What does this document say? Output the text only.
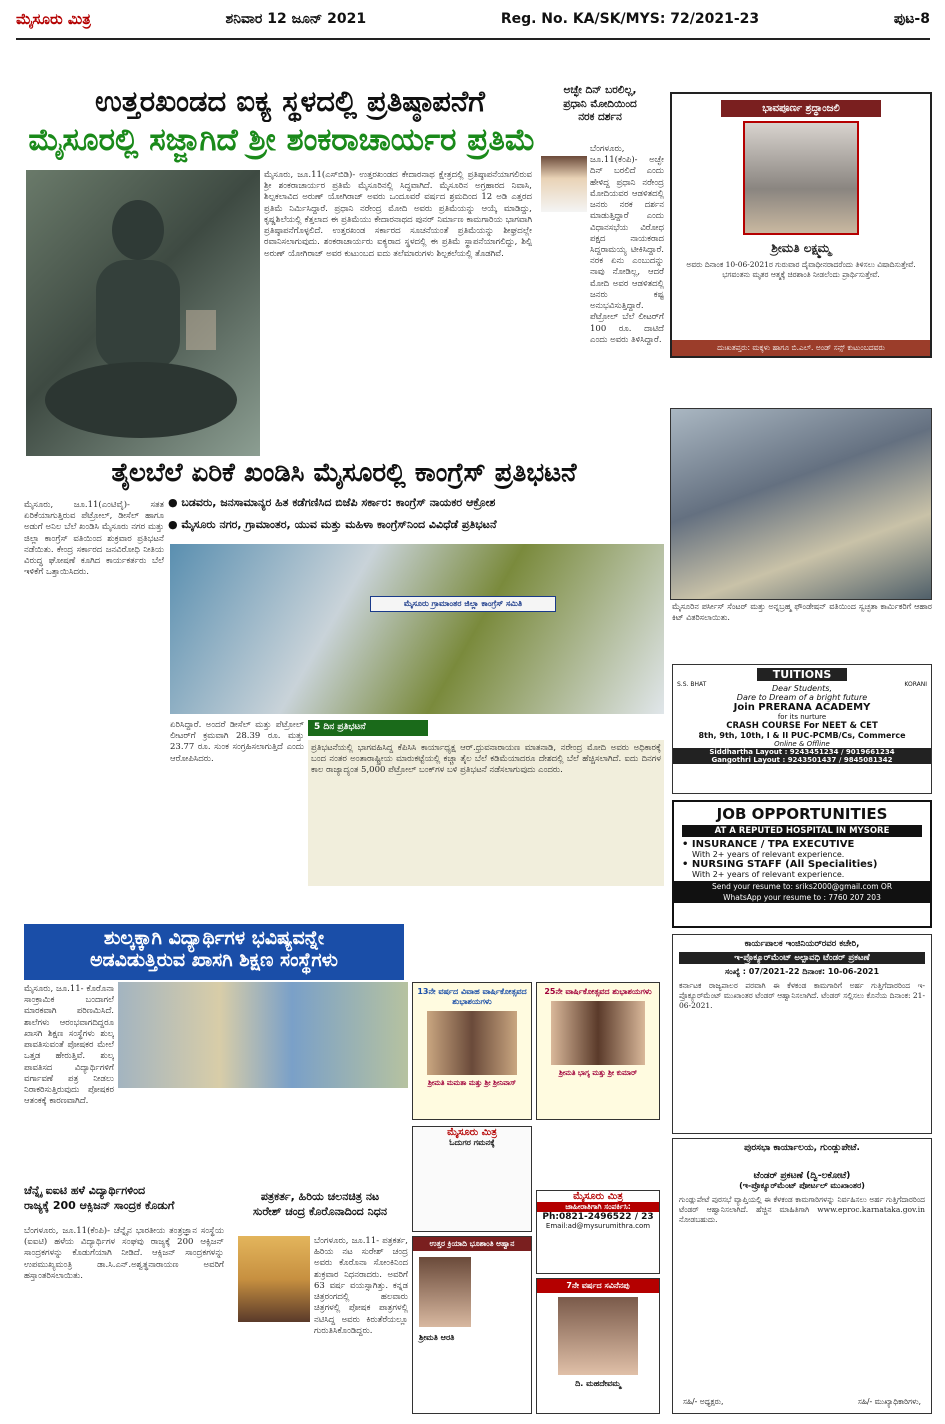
ಮೈಸೂರು ಮಿತ್ರ	ಶನಿವಾರ 12 ಜೂನ್ 2021	Reg. No. KA/SK/MYS: 72/2021-23	ಪುಟ-8
ಉತ್ತರಖಂಡದ ಐಕ್ಯ ಸ್ಥಳದಲ್ಲಿ ಪ್ರತಿಷ್ಠಾಪನೆಗೆ
ಮೈಸೂರಲ್ಲಿ ಸಜ್ಜಾಗಿದೆ ಶ್ರೀ ಶಂಕರಾಚಾರ್ಯರ ಪ್ರತಿಮೆ
ಮೈಸೂರು, ಜೂ.11(ಎಸ್‌ಬಿಡಿ)- ಉತ್ತರಖಂಡದ ಕೇದಾರನಾಥ ಕ್ಷೇತ್ರದಲ್ಲಿ ಪ್ರತಿಷ್ಠಾಪನೆಯಾಗಲಿರುವ ಶ್ರೀ ಶಂಕರಾಚಾರ್ಯರ ಪ್ರತಿಮೆ ಮೈಸೂರಿನಲ್ಲಿ ಸಿದ್ಧವಾಗಿದೆ. ಮೈಸೂರಿನ ಅಗ್ರಹಾರದ ನಿವಾಸಿ, ಶಿಲ್ಪಕಲಾವಿದ ಅರುಣ್ ಯೋಗಿರಾಜ್ ಅವರು ಒಂದೂವರೆ ವರ್ಷದ ಶ್ರಮದಿಂದ 12 ಅಡಿ ಎತ್ತರದ ಪ್ರತಿಮೆ ನಿರ್ಮಿಸಿದ್ದಾರೆ. ಪ್ರಧಾನಿ ನರೇಂದ್ರ ಮೋದಿ ಅವರು ಪ್ರತಿಮೆಯನ್ನು ಆಯ್ಕೆ ಮಾಡಿದ್ದು, ಕೃಷ್ಣಶಿಲೆಯಲ್ಲಿ ಕೆತ್ತಲಾದ ಈ ಪ್ರತಿಮೆಯು ಕೇದಾರನಾಥದ ಪುನರ್ ನಿರ್ಮಾಣ ಕಾಮಗಾರಿಯ ಭಾಗವಾಗಿ ಪ್ರತಿಷ್ಠಾಪನೆಗೊಳ್ಳಲಿದೆ. ಉತ್ತರಖಂಡ ಸರ್ಕಾರದ ಸೂಚನೆಯಂತೆ ಪ್ರತಿಮೆಯನ್ನು ಶೀಘ್ರದಲ್ಲೇ ರವಾನಿಸಲಾಗುವುದು. ಶಂಕರಾಚಾರ್ಯರು ಐಕ್ಯರಾದ ಸ್ಥಳದಲ್ಲಿ ಈ ಪ್ರತಿಮೆ ಸ್ಥಾಪನೆಯಾಗಲಿದ್ದು, ಶಿಲ್ಪಿ ಅರುಣ್ ಯೋಗಿರಾಜ್ ಅವರ ಕುಟುಂಬದ ಐದು ತಲೆಮಾರುಗಳು ಶಿಲ್ಪಕಲೆಯಲ್ಲಿ ತೊಡಗಿವೆ.
ಅಚ್ಛೇ ದಿನ್ ಬರಲಿಲ್ಲ,
ಪ್ರಧಾನಿ ಮೋದಿಯಿಂದ
ನರಕ ದರ್ಶನ
ಬೆಂಗಳೂರು, ಜೂ.11(ಕೆಂಪಿ)- ಅಚ್ಛೇ ದಿನ್ ಬರಲಿದೆ ಎಂದು ಹೇಳಿದ್ದ ಪ್ರಧಾನಿ ನರೇಂದ್ರ ಮೋದಿಯವರ ಆಡಳಿತದಲ್ಲಿ ಜನರು ನರಕ ದರ್ಶನ ಮಾಡುತ್ತಿದ್ದಾರೆ ಎಂದು ವಿಧಾನಸಭೆಯ ವಿರೋಧ ಪಕ್ಷದ ನಾಯಕರಾದ ಸಿದ್ದರಾಮಯ್ಯ ಟೀಕಿಸಿದ್ದಾರೆ. ನರಕ ಏನು ಎಂಬುದನ್ನು ನಾವು ನೋಡಿಲ್ಲ, ಆದರೆ ಮೋದಿ ಅವರ ಆಡಳಿತದಲ್ಲಿ ಜನರು ಕಷ್ಟ ಅನುಭವಿಸುತ್ತಿದ್ದಾರೆ. ಪೆಟ್ರೋಲ್ ಬೆಲೆ ಲೀಟರ್‌ಗೆ 100 ರೂ. ದಾಟಿದೆ ಎಂದು ಅವರು ತಿಳಿಸಿದ್ದಾರೆ.
ಭಾವಪೂರ್ಣ ಶ್ರದ್ಧಾಂಜಲಿ
ಶ್ರೀಮತಿ ಲಕ್ಷ್ಮಮ್ಮ
ಅವರು ದಿನಾಂಕ 10-06-2021ರ ಗುರುವಾರ ದೈವಾಧೀನರಾದರೆಂದು ತಿಳಿಸಲು ವಿಷಾದಿಸುತ್ತೇವೆ. ಭಗವಂತನು ಮೃತರ ಆತ್ಮಕ್ಕೆ ಚಿರಶಾಂತಿ ನೀಡಲೆಂದು ಪ್ರಾರ್ಥಿಸುತ್ತೇವೆ.
ದುಃಖತಪ್ತರು: ಮಕ್ಕಳು ಹಾಗೂ ಬಿ.ಎಲ್. ಅಂಡ್ ಸನ್ಸ್ ಕುಟುಂಬದವರು
ಮೈಸೂರಿನ ಪರ್ಸೀಸ್ ಸೆಂಟರ್ ಮತ್ತು ಅನ್ನಬ್ರಹ್ಮ ಫೌಂಡೇಷನ್ ವತಿಯಿಂದ ಸ್ವಚ್ಛತಾ ಕಾರ್ಮಿಕರಿಗೆ ಆಹಾರ ಕಿಟ್ ವಿತರಿಸಲಾಯಿತು.
ತೈಲಬೆಲೆ ಏರಿಕೆ ಖಂಡಿಸಿ ಮೈಸೂರಲ್ಲಿ ಕಾಂಗ್ರೆಸ್ ಪ್ರತಿಭಟನೆ
● ಬಡವರು, ಜನಸಾಮಾನ್ಯರ ಹಿತ ಕಡೆಗಣಿಸಿದ ಬಿಜೆಪಿ ಸರ್ಕಾರ: ಕಾಂಗ್ರೆಸ್ ನಾಯಕರ ಆಕ್ರೋಶ
● ಮೈಸೂರು ನಗರ, ಗ್ರಾಮಾಂತರ, ಯುವ ಮತ್ತು ಮಹಿಳಾ ಕಾಂಗ್ರೆಸ್‌ನಿಂದ ವಿವಿಧೆಡೆ ಪ್ರತಿಭಟನೆ
ಮೈಸೂರು, ಜೂ.11(ಎಂಟಿವೈ)- ಸತತ ಏರಿಕೆಯಾಗುತ್ತಿರುವ ಪೆಟ್ರೋಲ್, ಡೀಸೆಲ್ ಹಾಗೂ ಅಡುಗೆ ಅನಿಲ ಬೆಲೆ ಖಂಡಿಸಿ ಮೈಸೂರು ನಗರ ಮತ್ತು ಜಿಲ್ಲಾ ಕಾಂಗ್ರೆಸ್ ವತಿಯಿಂದ ಶುಕ್ರವಾರ ಪ್ರತಿಭಟನೆ ನಡೆಯಿತು. ಕೇಂದ್ರ ಸರ್ಕಾರದ ಜನವಿರೋಧಿ ನೀತಿಯ ವಿರುದ್ಧ ಘೋಷಣೆ ಕೂಗಿದ ಕಾರ್ಯಕರ್ತರು ಬೆಲೆ ಇಳಿಕೆಗೆ ಒತ್ತಾಯಿಸಿದರು.
ಮೈಸೂರು ಗ್ರಾಮಾಂತರ ಜಿಲ್ಲಾ ಕಾಂಗ್ರೆಸ್ ಸಮಿತಿ
ಏರಿಸಿದ್ದಾರೆ. ಅಂದರೆ ಡೀಸೆಲ್ ಮತ್ತು ಪೆಟ್ರೋಲ್ ಲೀಟರ್‌ಗೆ ಕ್ರಮವಾಗಿ 28.39 ರೂ. ಮತ್ತು 23.77 ರೂ. ಸುಂಕ ಸಂಗ್ರಹಿಸಲಾಗುತ್ತಿದೆ ಎಂದು ಆರೋಪಿಸಿದರು.
5 ದಿನ ಪ್ರತಿಭಟನೆ
ಪ್ರತಿಭಟನೆಯಲ್ಲಿ ಭಾಗವಹಿಸಿದ್ದ ಕೆಪಿಸಿಸಿ ಕಾರ್ಯಾಧ್ಯಕ್ಷ ಆರ್.ಧ್ರುವನಾರಾಯಣ ಮಾತನಾಡಿ, ನರೇಂದ್ರ ಮೋದಿ ಅವರು ಅಧಿಕಾರಕ್ಕೆ ಬಂದ ನಂತರ ಅಂತಾರಾಷ್ಟ್ರೀಯ ಮಾರುಕಟ್ಟೆಯಲ್ಲಿ ಕಚ್ಚಾ ತೈಲ ಬೆಲೆ ಕಡಿಮೆಯಾದರೂ ದೇಶದಲ್ಲಿ ಬೆಲೆ ಹೆಚ್ಚಿಸಲಾಗಿದೆ. ಐದು ದಿನಗಳ ಕಾಲ ರಾಜ್ಯಾದ್ಯಂತ 5,000 ಪೆಟ್ರೋಲ್ ಬಂಕ್‌ಗಳ ಬಳಿ ಪ್ರತಿಭಟನೆ ನಡೆಸಲಾಗುವುದು ಎಂದರು.
TUITIONS
Dear Students,
Dare to Dream of a bright future
Join PRERANA ACADEMY
for its nurture
CRASH COURSE For NEET & CET
8th, 9th, 10th, I & II PUC-PCMB/Cs, Commerce
Online & Offline
S.S. BHAT	KORANI
Siddhartha Layout : 9243451234 / 9019661234
Gangothri Layout : 9243501437 / 9845081342
JOB OPPORTUNITIES
AT A REPUTED HOSPITAL IN MYSORE
• INSURANCE / TPA EXECUTIVE
With 2+ years of relevant experience.
• NURSING STAFF (All Specialities)
With 2+ years of relevant experience.
Send your resume to: sriks2000@gmail.com OR
WhatsApp your resume to : 7760 207 203
ಶುಲ್ಕಕ್ಕಾಗಿ ವಿದ್ಯಾರ್ಥಿಗಳ ಭವಿಷ್ಯವನ್ನೇ
ಅಡವಿಡುತ್ತಿರುವ ಖಾಸಗಿ ಶಿಕ್ಷಣ ಸಂಸ್ಥೆಗಳು
ಮೈಸೂರು, ಜೂ.11- ಕೊರೊನಾ ಸಾಂಕ್ರಾಮಿಕ ಬಂದಾಗಲೆ ಮಾರಕವಾಗಿ ಪರಿಣಮಿಸಿದೆ. ಶಾಲೆಗಳು ಆರಂಭವಾಗದಿದ್ದರೂ ಖಾಸಗಿ ಶಿಕ್ಷಣ ಸಂಸ್ಥೆಗಳು ಶುಲ್ಕ ಪಾವತಿಸುವಂತೆ ಪೋಷಕರ ಮೇಲೆ ಒತ್ತಡ ಹೇರುತ್ತಿವೆ. ಶುಲ್ಕ ಪಾವತಿಸದ ವಿದ್ಯಾರ್ಥಿಗಳಿಗೆ ವರ್ಗಾವಣೆ ಪತ್ರ ನೀಡಲು ನಿರಾಕರಿಸುತ್ತಿರುವುದು ಪೋಷಕರ ಆತಂಕಕ್ಕೆ ಕಾರಣವಾಗಿದೆ.
13ನೇ ವರ್ಷದ ವಿವಾಹ ವಾರ್ಷಿಕೋತ್ಸವದ ಶುಭಾಶಯಗಳು
ಶ್ರೀಮತಿ ಮಮತಾ ಮತ್ತು ಶ್ರೀ ಶ್ರೀನಿವಾಸ್
25ನೇ ವಾರ್ಷಿಕೋತ್ಸವದ ಶುಭಾಶಯಗಳು
ಶ್ರೀಮತಿ ಭಾಗ್ಯ ಮತ್ತು ಶ್ರೀ ಕುಮಾರ್
ಮೈಸೂರು ಮಿತ್ರ
ಓದುಗರ ಗಮನಕ್ಕೆ
ಮೈಸೂರು ಮಿತ್ರ
ಜಾಹೀರಾತಿಗಾಗಿ ಸಂಪರ್ಕಿಸಿ:
Ph:0821-2496522 / 23
Email:ad@mysurumithra.com
ಉತ್ತರ ಕ್ರಿಯಾದಿ ಭೂಶಾಂತಿ ಆಹ್ವಾನ
ಶ್ರೀಮತಿ ಆರತಿ
7ನೇ ವರ್ಷದ ಸವಿನೆನಪು
ದಿ. ಮಹದೇವಮ್ಮ
ಕಾರ್ಯಪಾಲಕ ಇಂಜಿನಿಯರ್‌ರವರ ಕಚೇರಿ,
ಇ-ಪ್ರೊಕ್ಯೂರ್‌ಮೆಂಟ್ ಅಲ್ಪಾವಧಿ ಟೆಂಡರ್ ಪ್ರಕಟಣೆ
ಸಂಖ್ಯೆ : 07/2021-22 ದಿನಾಂಕ: 10-06-2021
ಕರ್ನಾಟಕ ರಾಜ್ಯಪಾಲರ ಪರವಾಗಿ ಈ ಕೆಳಕಂಡ ಕಾಮಗಾರಿಗೆ ಅರ್ಹ ಗುತ್ತಿಗೆದಾರರಿಂದ ಇ-ಪ್ರೊಕ್ಯೂರ್‌ಮೆಂಟ್ ಮುಖಾಂತರ ಟೆಂಡರ್ ಆಹ್ವಾನಿಸಲಾಗಿದೆ. ಟೆಂಡರ್ ಸಲ್ಲಿಸಲು ಕೊನೆಯ ದಿನಾಂಕ: 21-06-2021.
ಪುರಸಭಾ ಕಾರ್ಯಾಲಯ, ಗುಂಡ್ಲುಪೇಟೆ.
ಟೆಂಡರ್ ಪ್ರಕಟಣೆ (ದ್ವಿ-ಲಕೋಟೆ)
(ಇ-ಪ್ರೊಕ್ಯೂರ್‌ಮೆಂಟ್ ಪೋರ್ಟಲ್ ಮುಖಾಂತರ)
ಗುಂಡ್ಲುಪೇಟೆ ಪುರಸಭೆ ವ್ಯಾಪ್ತಿಯಲ್ಲಿ ಈ ಕೆಳಕಂಡ ಕಾಮಗಾರಿಗಳನ್ನು ನಿರ್ವಹಿಸಲು ಅರ್ಹ ಗುತ್ತಿಗೆದಾರರಿಂದ ಟೆಂಡರ್ ಆಹ್ವಾನಿಸಲಾಗಿದೆ. ಹೆಚ್ಚಿನ ಮಾಹಿತಿಗಾಗಿ www.eproc.karnataka.gov.in ನೋಡಬಹುದು.
ಸಹಿ/- ಅಧ್ಯಕ್ಷರು,	ಸಹಿ/- ಮುಖ್ಯಾಧಿಕಾರಿಗಳು,
ಚೆನ್ನೈ ಐಐಟಿ ಹಳೆ ವಿದ್ಯಾರ್ಥಿಗಳಿಂದ
ರಾಜ್ಯಕ್ಕೆ 200 ಆಕ್ಸಿಜನ್ ಸಾಂದ್ರಕ ಕೊಡುಗೆ
ಬೆಂಗಳೂರು, ಜೂ.11(ಕೆಂಪಿ)- ಚೆನ್ನೈನ ಭಾರತೀಯ ತಂತ್ರಜ್ಞಾನ ಸಂಸ್ಥೆಯ (ಐಐಟಿ) ಹಳೆಯ ವಿದ್ಯಾರ್ಥಿಗಳ ಸಂಘವು ರಾಜ್ಯಕ್ಕೆ 200 ಆಕ್ಸಿಜನ್ ಸಾಂದ್ರಕಗಳನ್ನು ಕೊಡುಗೆಯಾಗಿ ನೀಡಿದೆ. ಆಕ್ಸಿಜನ್ ಸಾಂದ್ರಕಗಳನ್ನು ಉಪಮುಖ್ಯಮಂತ್ರಿ ಡಾ.ಸಿ.ಎನ್.ಅಶ್ವತ್ಥನಾರಾಯಣ ಅವರಿಗೆ ಹಸ್ತಾಂತರಿಸಲಾಯಿತು.
ಪತ್ರಕರ್ತ, ಹಿರಿಯ ಚಲನಚಿತ್ರ ನಟ
ಸುರೇಶ್ ಚಂದ್ರ ಕೊರೊನಾದಿಂದ ನಿಧನ
ಬೆಂಗಳೂರು, ಜೂ.11- ಪತ್ರಕರ್ತ, ಹಿರಿಯ ನಟ ಸುರೇಶ್ ಚಂದ್ರ ಅವರು ಕೊರೊನಾ ಸೋಂಕಿನಿಂದ ಶುಕ್ರವಾರ ನಿಧನರಾದರು. ಅವರಿಗೆ 63 ವರ್ಷ ವಯಸ್ಸಾಗಿತ್ತು. ಕನ್ನಡ ಚಿತ್ರರಂಗದಲ್ಲಿ ಹಲವಾರು ಚಿತ್ರಗಳಲ್ಲಿ ಪೋಷಕ ಪಾತ್ರಗಳಲ್ಲಿ ನಟಿಸಿದ್ದ ಅವರು ಕಿರುತೆರೆಯಲ್ಲೂ ಗುರುತಿಸಿಕೊಂಡಿದ್ದರು.
